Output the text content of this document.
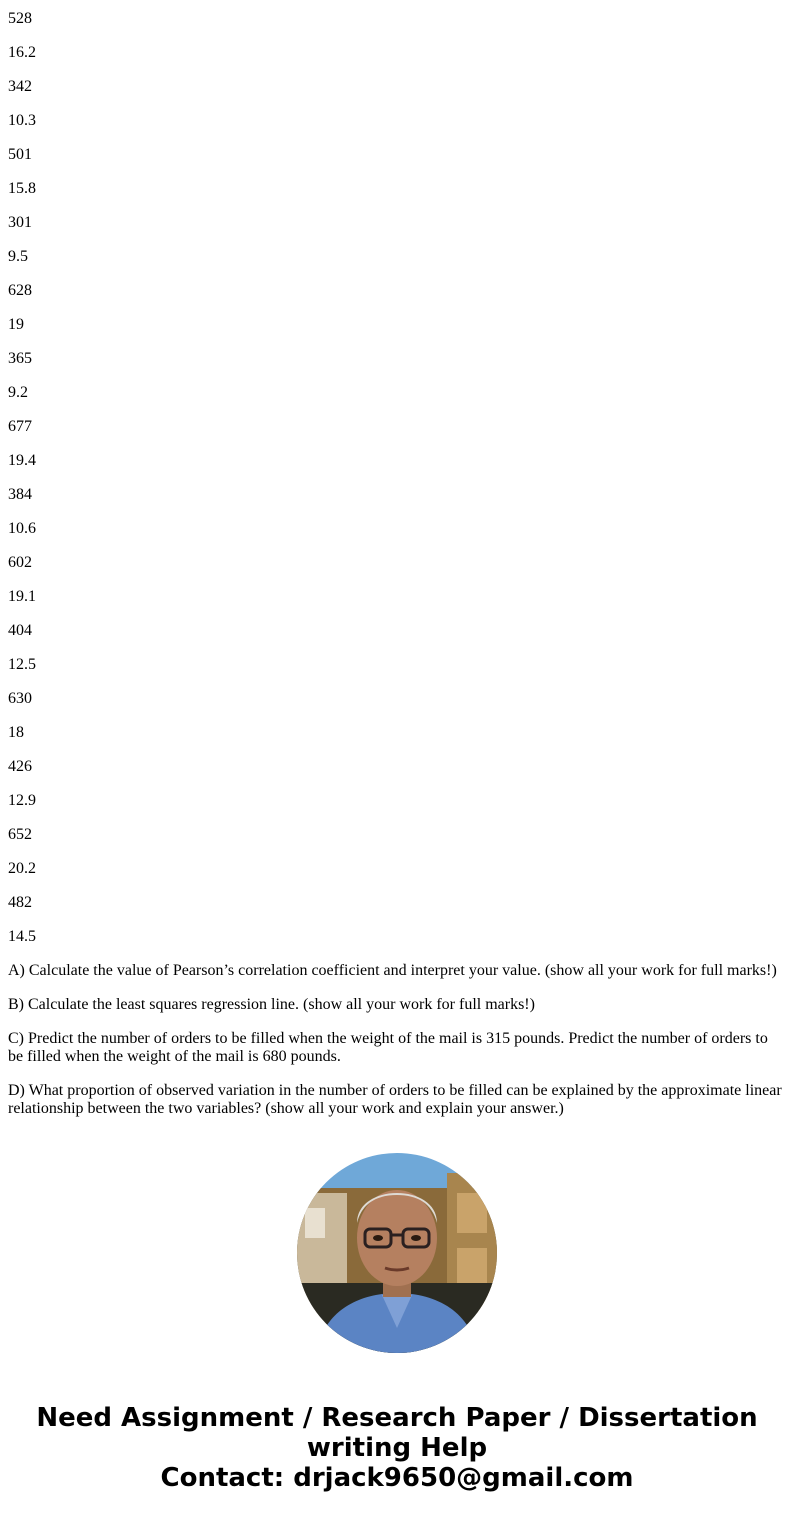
528

16.2

342

10.3

501

15.8

301

9.5

628

19

365

9.2

677

19.4

384

10.6

602

19.1

404

12.5

630

18

426

12.9

652

20.2

482

14.5

A) Calculate the value of Pearson’s correlation coefficient and interpret your value. (show all your work for full marks!)

B) Calculate the least squares regression line. (show all your work for full marks!)

C) Predict the number of orders to be filled when the weight of the mail is 315 pounds. Predict the number of orders to be filled when the weight of the mail is 680 pounds.

D) What proportion of observed variation in the number of orders to be filled can be explained by the approximate linear relationship between the two variables? (show all your work and explain your answer.)

Need Assignment / Research Paper / Dissertation
writing Help
Contact: drjack9650@gmail.com
